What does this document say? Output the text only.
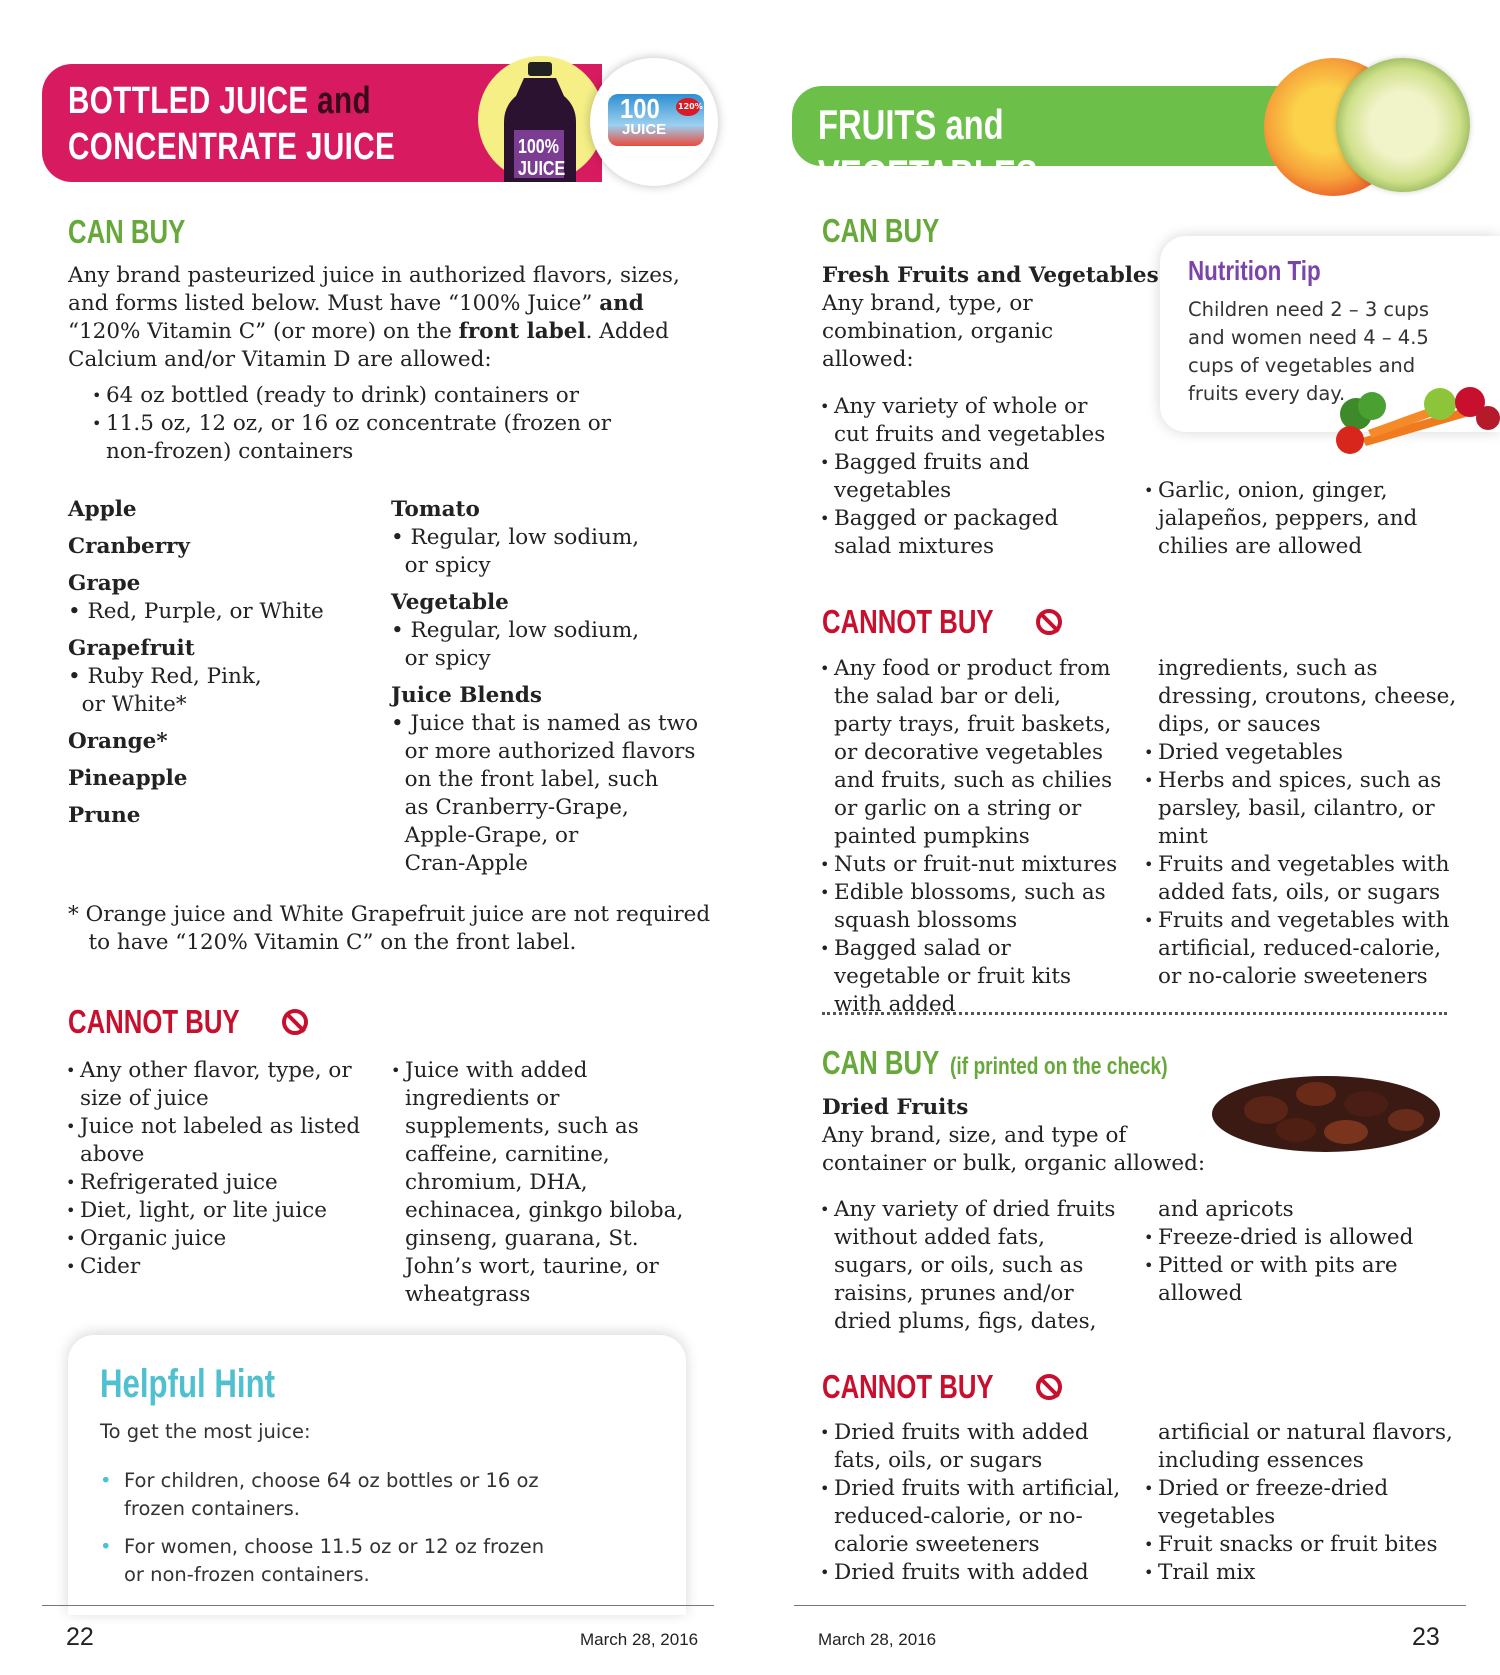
BOTTLED JUICE and
CONCENTRATE JUICE	100%
JUICE
100
JUICE
120%
CAN BUY
Any brand pasteurized juice in authorized flavors, sizes, and forms listed below. Must have “100% Juice” and “120% Vitamin C” (or more) on the front label. Added Calcium and/or Vitamin D are allowed:
• 64 oz bottled (ready to drink) containers or
• 11.5 oz, 12 oz, or 16 oz concentrate (frozen or non-frozen) containers
Apple
Cranberry
Grape
• Red, Purple, or White
Grapefruit
• Ruby Red, Pink,
or White*
Orange*
Pineapple
Prune
Tomato
• Regular, low sodium,
or spicy
Vegetable
• Regular, low sodium,
or spicy
Juice Blends
• Juice that is named as two
or more authorized flavors
on the front label, such
as Cranberry-Grape,
Apple-Grape, or
Cran-Apple
* Orange juice and White Grapefruit juice are not required
to have “120% Vitamin C” on the front label.
CANNOT BUY
• Any other flavor, type, or size of juice
• Juice not labeled as listed above
• Refrigerated juice
• Diet, light, or lite juice
• Organic juice
• Cider
• Juice with added ingredients or supplements, such as caffeine, carnitine, chromium, DHA, echinacea, ginkgo biloba, ginseng, guarana, St. John’s wort, taurine, or wheatgrass
Helpful Hint
To get the most juice:
• For children, choose 64 oz bottles or 16 oz frozen containers.
• For women, choose 11.5 oz or 12 oz frozen or non-frozen containers.
22	March 28, 2016
FRUITS and VEGETABLES
CAN BUY
Fresh Fruits and Vegetables
Any brand, type, or
combination, organic
allowed:
• Any variety of whole or cut fruits and vegetables
• Bagged fruits and vegetables
• Bagged or packaged salad mixtures
• Garlic, onion, ginger, jalapeños, peppers, and chilies are allowed
Nutrition Tip
Children need 2 – 3 cups and women need 4 – 4.5 cups of vegetables and fruits every day.
CANNOT BUY
• Any food or product from the salad bar or deli, party trays, fruit baskets, or decorative vegetables and fruits, such as chilies or garlic on a string or painted pumpkins
• Nuts or fruit-nut mixtures
• Edible blossoms, such as squash blossoms
• Bagged salad or vegetable or fruit kits with added
ingredients, such as dressing, croutons, cheese, dips, or sauces
• Dried vegetables
• Herbs and spices, such as parsley, basil, cilantro, or mint
• Fruits and vegetables with added fats, oils, or sugars
• Fruits and vegetables with artificial, reduced-calorie, or no-calorie sweeteners
CAN BUY (if printed on the check)
Dried Fruits
Any brand, size, and type of
container or bulk, organic allowed:
• Any variety of dried fruits without added fats, sugars, or oils, such as raisins, prunes and/or dried plums, figs, dates,
and apricots
• Freeze-dried is allowed
• Pitted or with pits are allowed
CANNOT BUY
• Dried fruits with added fats, oils, or sugars
• Dried fruits with artificial, reduced-calorie, or no-calorie sweeteners
• Dried fruits with added
artificial or natural flavors, including essences
• Dried or freeze-dried vegetables
• Fruit snacks or fruit bites
• Trail mix
March 28, 2016	23
